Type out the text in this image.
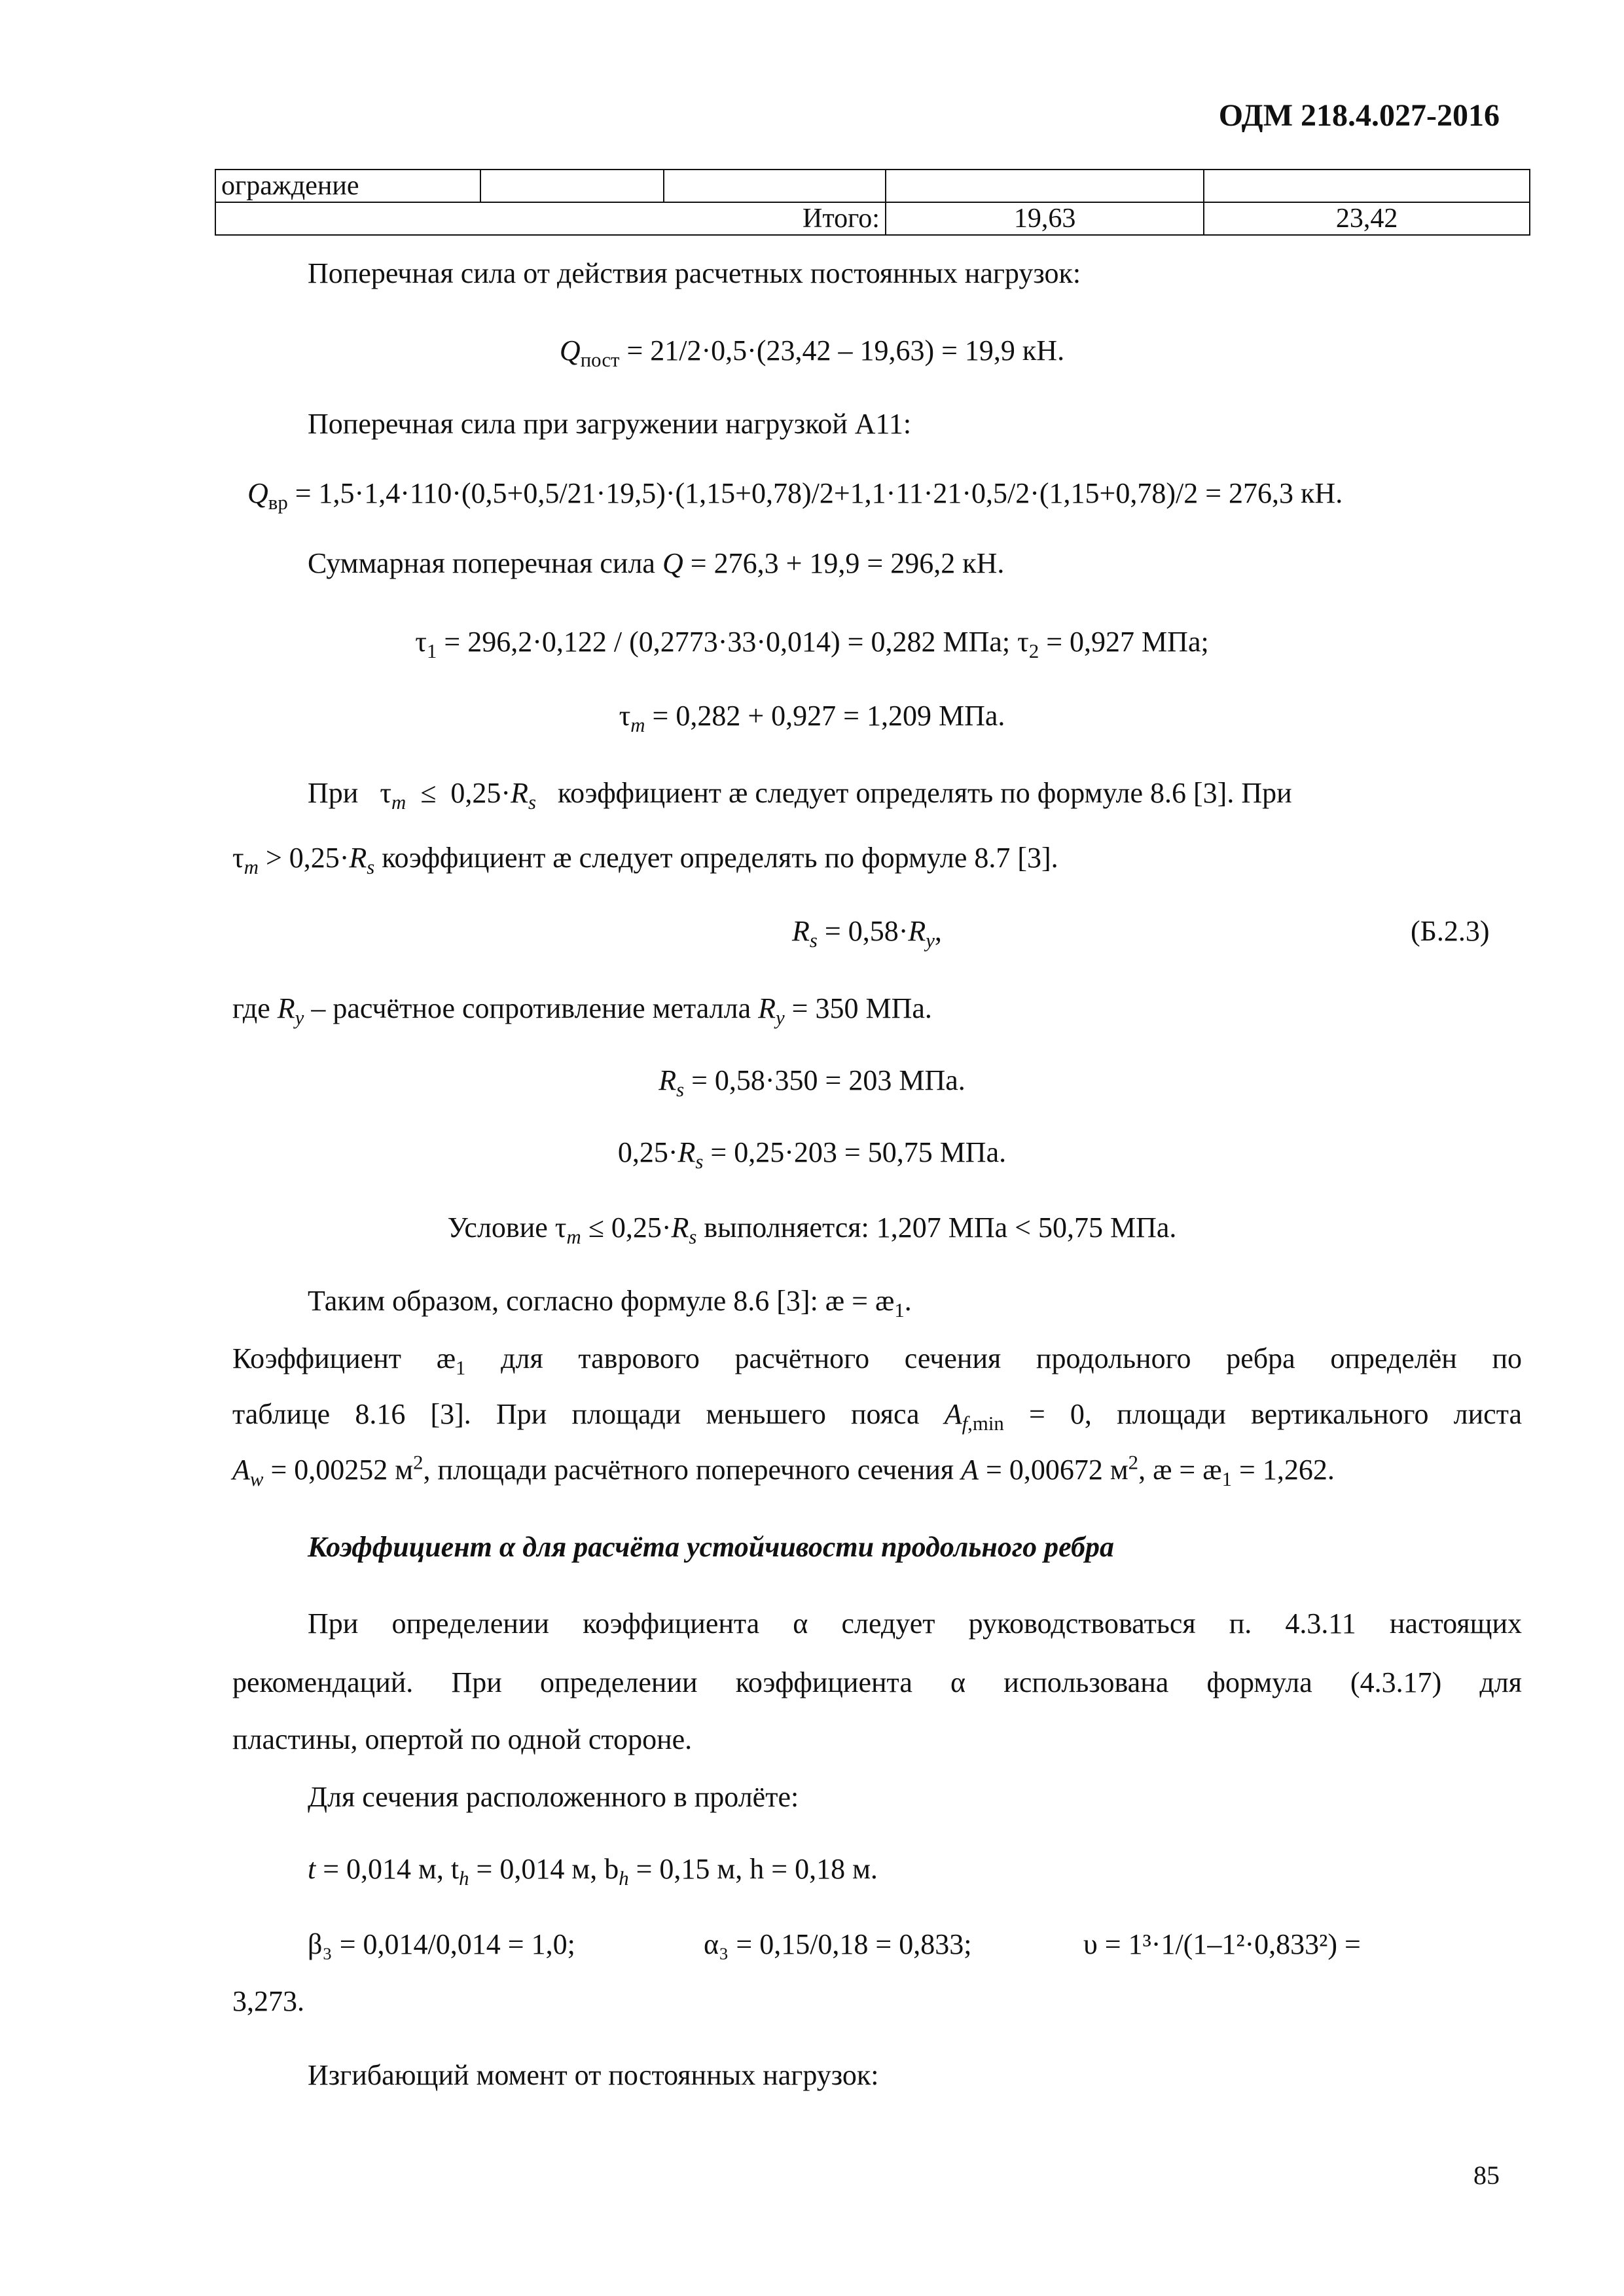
ОДМ 218.4.027-2016
ограждение				
Итого:			19,63	23,42
Поперечная сила от действия расчетных постоянных нагрузок:
$Q_{пост} = 21/2\cdot 0,5\cdot(23,42 - 19,63) = 19,9$ кН.
Поперечная сила при загружении нагрузкой А11:
$Q_{вр} = 1,5\cdot 1,4\cdot 110\cdot(0,5+0,5/21\cdot 19,5)\cdot(1,15+0,78)/2+1,1\cdot 11\cdot 21\cdot 0,5/2\cdot(1,15+0,78)/2 = 276,3$ кН.
Суммарная поперечная сила Q = 276,3 + 19,9 = 296,2 кН.
$\tau_1 = 296,2\cdot 0,122 / (0,2773\cdot 33\cdot 0,014) = 0,282$ МПа; $\tau_2 = 0,927$ МПа;
$\tau_m = 0,282 + 0,927 = 1,209$ МПа.
При   $\tau_m \le 0,25\cdot R_s$ коэффициент æ следует определять по формуле 8.6 [3]. При
$\tau_m > 0,25\cdot R_s$ коэффициент æ следует определять по формуле 8.7 [3].
$R_s = 0,58\cdot R_y$,	(Б.2.3)
где $R_y$ – расчётное сопротивление металла $R_y = 350$ МПа.
$R_s = 0,58\cdot 350 = 203$ МПа.
$0,25\cdot R_s = 0,25\cdot 203 = 50,75$ МПа.
Условие $\tau_m \le 0,25\cdot R_s$ выполняется: 1,207 МПа < 50,75 МПа.
Таким образом, согласно формуле 8.6 [3]: æ = $æ_1$.
Коэффициент $æ_1$ для таврового расчётного сечения продольного ребра определён по
таблице 8.16 [3]. При площади меньшего пояса $A_{f,min} = 0$, площади вертикального листа
$A_w = 0,00252$ $м^2$, площади расчётного поперечного сечения A = 0,00672 $м^2$, æ = $æ_1 = 1,262$.
Коэффициент α для расчёта устойчивости продольного ребра
При определении коэффициента α следует руководствоваться п. 4.3.11 настоящих
рекомендаций. При определении коэффициента α использована формула (4.3.17) для
пластины, опертой по одной стороне.
Для сечения расположенного в пролёте:
t = 0,014 м, $t_h = 0,014$ м, $b_h = 0,15$ м, h = 0,18 м.
β₃ = 0,014/0,014 = 1,0;	α₃ = 0,15/0,18 = 0,833;	υ = 1³·1/(1–1²·0,833²) =
3,273.
Изгибающий момент от постоянных нагрузок:
85
